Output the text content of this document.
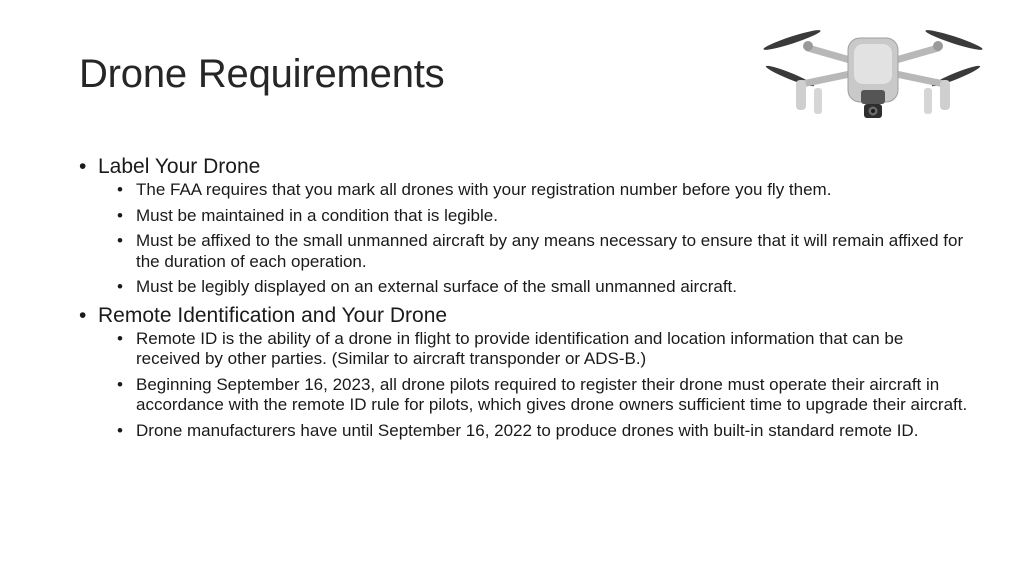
Drone Requirements
• Label Your Drone
• The FAA requires that you mark all drones with your registration number before you fly them.
• Must be maintained in a condition that is legible.
• Must be affixed to the small unmanned aircraft by any means necessary to ensure that it will remain affixed for the duration of each operation.
• Must be legibly displayed on an external surface of the small unmanned aircraft.
• Remote Identification and Your Drone
• Remote ID is the ability of a drone in flight to provide identification and location information that can be received by other parties. (Similar to aircraft transponder or ADS-B.)
• Beginning September 16, 2023, all drone pilots required to register their drone must operate their aircraft in accordance with the remote ID rule for pilots, which gives drone owners sufficient time to upgrade their aircraft.
• Drone manufacturers have until September 16, 2022 to produce drones with built-in standard remote ID.
